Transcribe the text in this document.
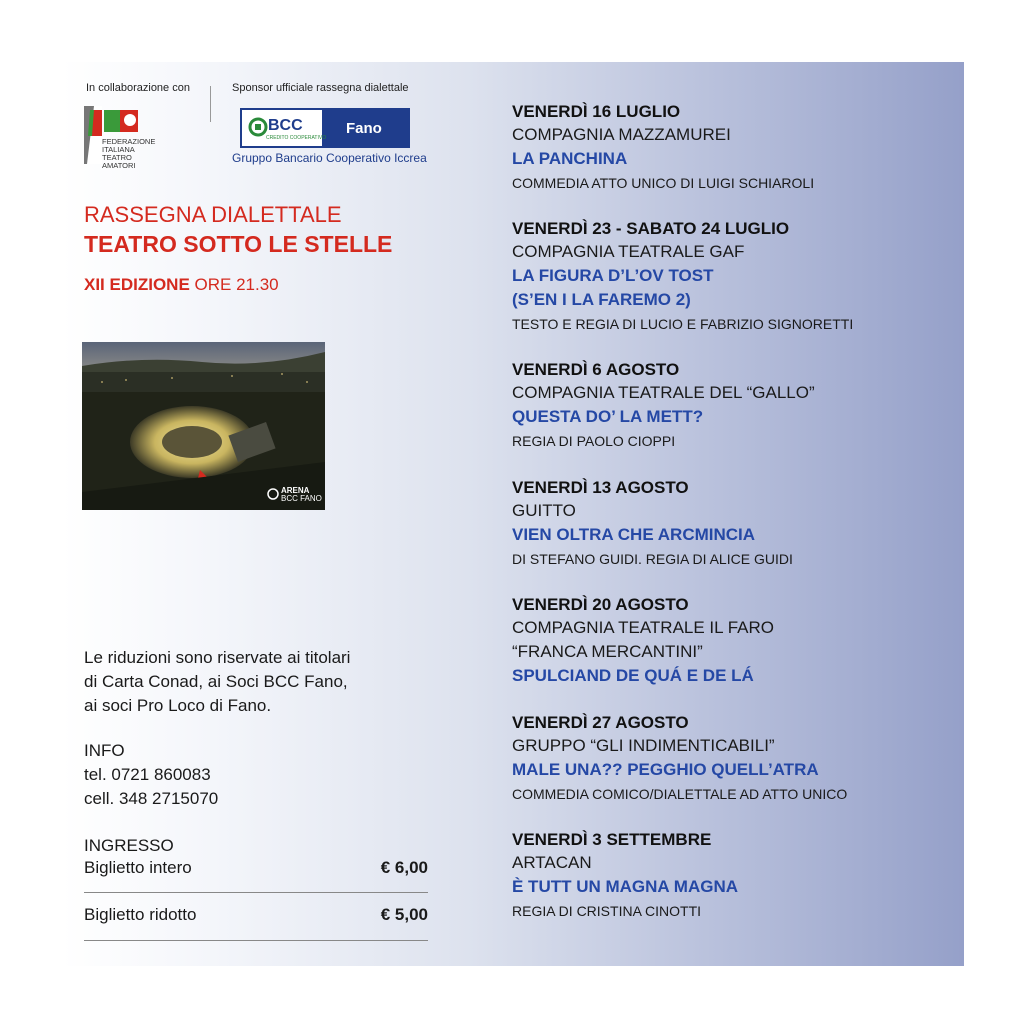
In collaborazione con	Sponsor ufficiale rassegna dialettale
FEDERAZIONE
ITALIANA
TEATRO
AMATORI
BCC
CREDITO COOPERATIVO
Fano
Gruppo Bancario Cooperativo Iccrea
RASSEGNA DIALETTALE
TEATRO SOTTO LE STELLE
XII EDIZIONE ORE 21.30
ARENA
BCC FANO
Le riduzioni sono riservate ai titolari
di Carta Conad, ai Soci BCC Fano,
ai soci Pro Loco di Fano.
INFO
tel. 0721 860083
cell. 348 2715070
INGRESSO
Biglietto intero	€ 6,00
Biglietto ridotto	€ 5,00
VENERDÌ 16 LUGLIO
COMPAGNIA MAZZAMUREI
LA PANCHINA
COMMEDIA ATTO UNICO DI LUIGI SCHIAROLI
VENERDÌ 23 - SABATO 24 LUGLIO
COMPAGNIA TEATRALE GAF
LA FIGURA D’L’OV TOST
(S’EN I LA FAREMO 2)
TESTO E REGIA DI LUCIO E FABRIZIO SIGNORETTI
VENERDÌ 6 AGOSTO
COMPAGNIA TEATRALE DEL “GALLO”
QUESTA DO’ LA METT?
REGIA DI PAOLO CIOPPI
VENERDÌ 13 AGOSTO
GUITTO
VIEN OLTRA CHE ARCMINCIA
DI STEFANO GUIDI. REGIA DI ALICE GUIDI
VENERDÌ 20 AGOSTO
COMPAGNIA TEATRALE IL FARO
“FRANCA MERCANTINI”
SPULCIAND DE QUÁ E DE LÁ
VENERDÌ 27 AGOSTO
GRUPPO “GLI INDIMENTICABILI”
MALE UNA?? PEGGHIO QUELL’ATRA
COMMEDIA COMICO/DIALETTALE AD ATTO UNICO
VENERDÌ 3 SETTEMBRE
ARTACAN
È TUTT UN MAGNA MAGNA
REGIA DI CRISTINA CINOTTI
